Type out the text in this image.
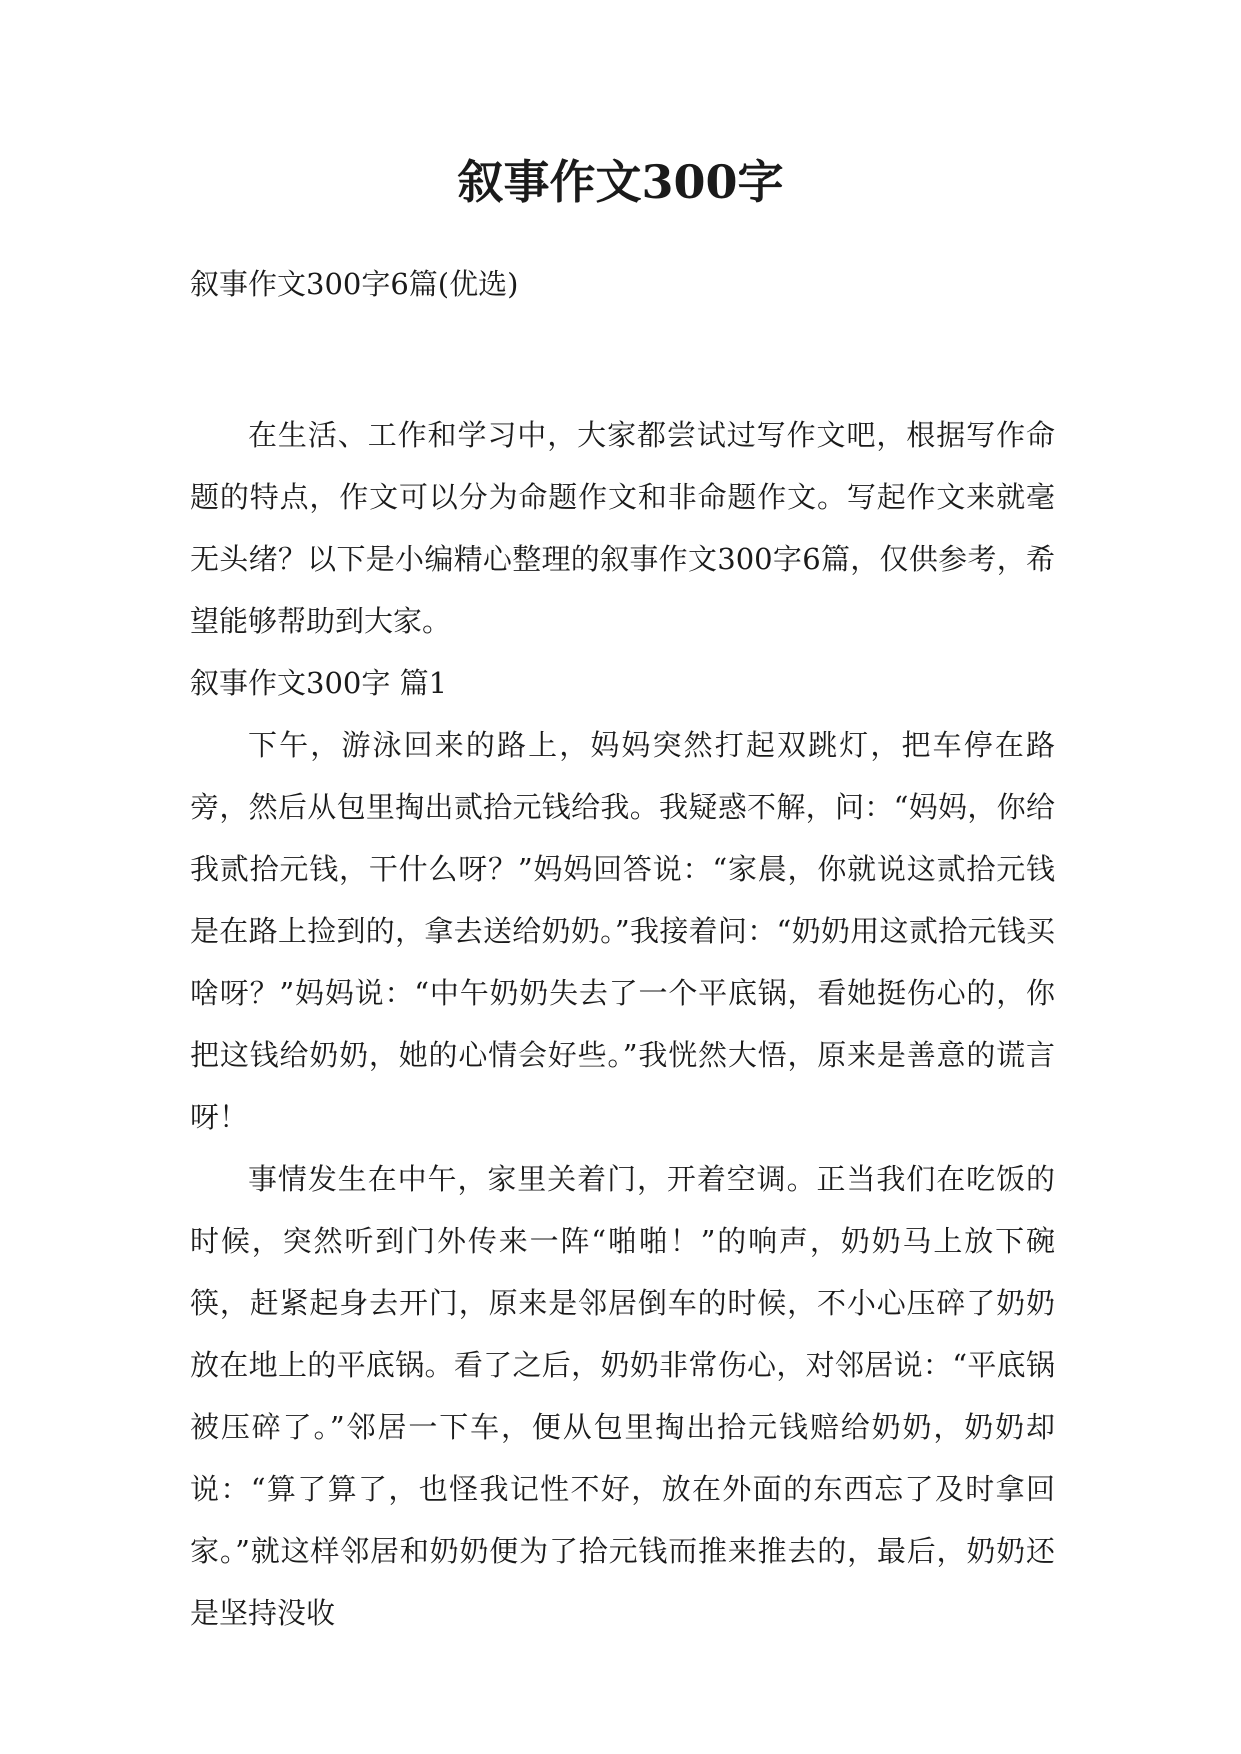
叙事作文300字

叙事作文300字6篇(优选)

在生活、工作和学习中，大家都尝试过写作文吧，根据写作命题的特点，作文可以分为命题作文和非命题作文。写起作文来就毫无头绪？以下是小编精心整理的叙事作文300字6篇，仅供参考，希望能够帮助到大家。

叙事作文300字 篇1

下午，游泳回来的路上，妈妈突然打起双跳灯，把车停在路旁，然后从包里掏出贰拾元钱给我。我疑惑不解，问：“妈妈，你给我贰拾元钱，干什么呀？”妈妈回答说：“家晨，你就说这贰拾元钱是在路上捡到的，拿去送给奶奶。”我接着问：“奶奶用这贰拾元钱买啥呀？”妈妈说：“中午奶奶失去了一个平底锅，看她挺伤心的，你把这钱给奶奶，她的心情会好些。”我恍然大悟，原来是善意的谎言呀！

事情发生在中午，家里关着门，开着空调。正当我们在吃饭的时候，突然听到门外传来一阵“啪啪！”的响声，奶奶马上放下碗筷，赶紧起身去开门，原来是邻居倒车的时候，不小心压碎了奶奶放在地上的平底锅。看了之后，奶奶非常伤心，对邻居说：“平底锅被压碎了。”邻居一下车，便从包里掏出拾元钱赔给奶奶，奶奶却说：“算了算了，也怪我记性不好，放在外面的东西忘了及时拿回家。”就这样邻居和奶奶便为了拾元钱而推来推去的，最后，奶奶还是坚持没收
